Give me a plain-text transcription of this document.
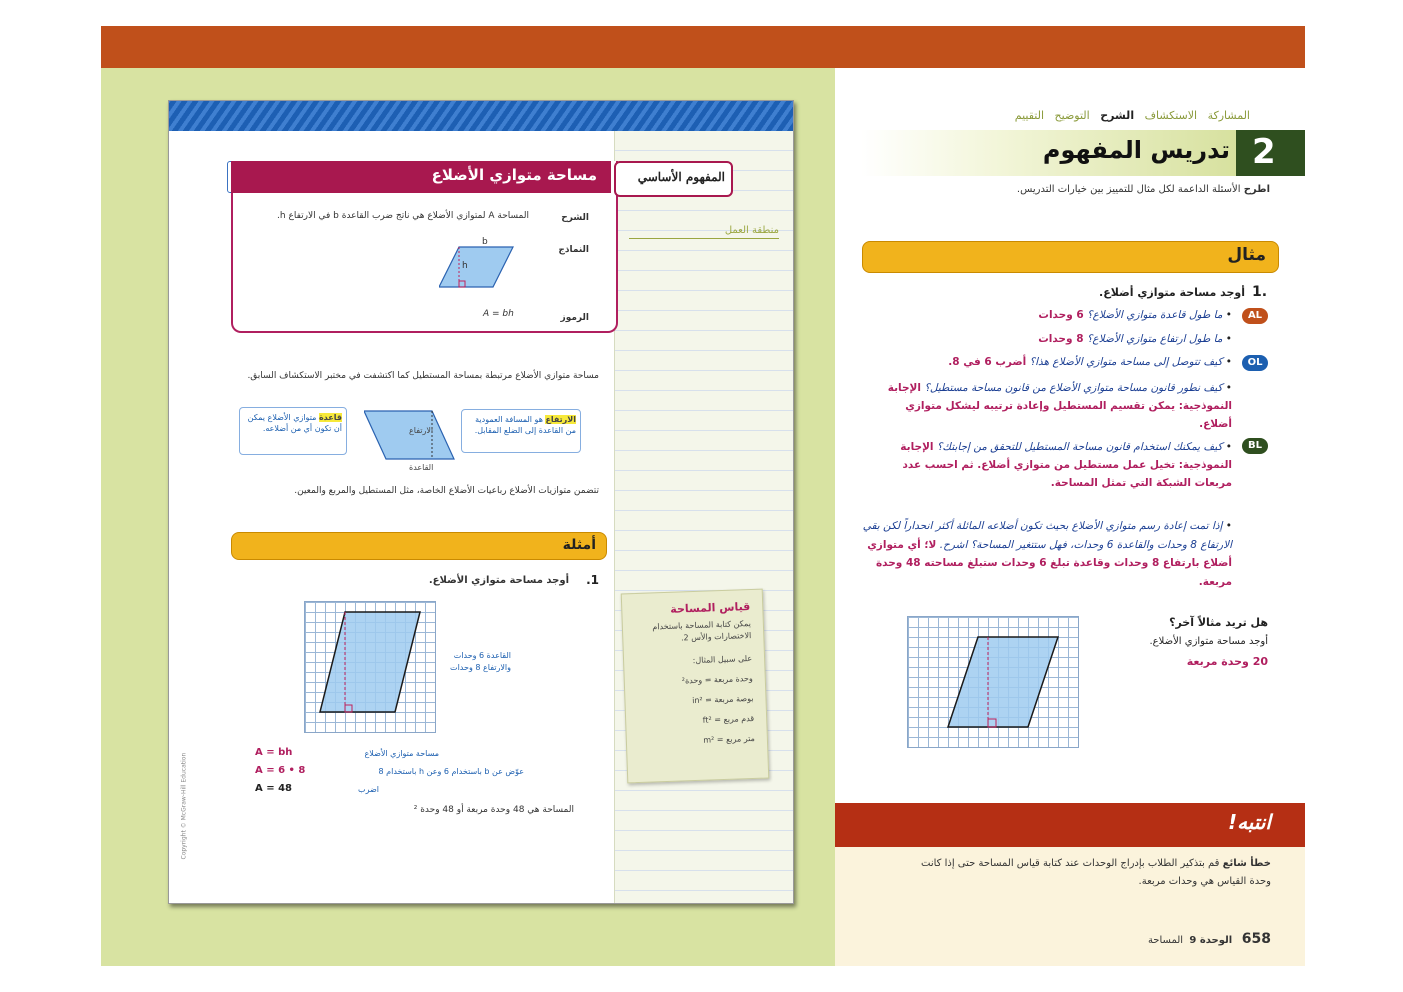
مساحة متوازي الأضلاع	المفهوم الأساسي
منطقة العمل
الشرح
المساحة A لمتوازي الأضلاع هي ناتج ضرب القاعدة b في الارتفاع h.
النماذج
b
h
الرموز
A = bh
مساحة متوازي الأضلاع مرتبطة بمساحة المستطيل كما اكتشفت في مختبر الاستكشاف السابق.
الارتفاع هو المسافة العمودية من القاعدة إلى الضلع المقابل.
الارتفاع
القاعدة
قاعدة متوازي الأضلاع يمكن أن تكون أي من أضلاعه.
تتضمن متوازيات الأضلاع رباعيات الأضلاع الخاصة، مثل المستطيل والمربع والمعين.
أمثلة
1.
أوجد مساحة متوازي الأضلاع.
القاعدة 6 وحدات
والارتفاع 8 وحدات
A = bh	مساحة متوازي الأضلاع
A = 6 • 8	عوّض عن b باستخدام 6 وعن h باستخدام 8
A = 48	اضرب
المساحة هي 48 وحدة مربعة أو 48 وحدة ²
قياس المساحة
يمكن كتابة المساحة باستخدام الاختصارات والأس 2.
على سبيل المثال:
وحدة مربعة = وحدة²
بوصة مربعة = in²
قدم مربع = ft²
متر مربع = m²
Copyright © McGraw-Hill Education
المشاركة   الاستكشاف   الشرح   التوضيح   التقييم
2
تدريس المفهوم
اطرح الأسئلة الداعمة لكل مثال للتمييز بين خيارات التدريس.
مثال
1.
أوجد مساحة متوازي أضلاع.
AL
• ما طول قاعدة متوازي الأضلاع؟ 6 وحدات
• ما طول ارتفاع متوازي الأضلاع؟ 8 وحدات
OL
• كيف تتوصل إلى مساحة متوازي الأضلاع هذا؟ أضرب 6 في 8.
• كيف نطور قانون مساحة متوازي الأضلاع من قانون مساحة مستطيل؟ الإجابة النموذجية: يمكن تقسيم المستطيل وإعادة ترتيبه ليشكل متوازي أضلاع.
BL
• كيف يمكنك استخدام قانون مساحة المستطيل للتحقق من إجابتك؟ الإجابة النموذجية: تخيل عمل مستطيل من متوازي أضلاع. ثم احسب عدد مربعات الشبكة التي تمثل المساحة.
• إذا تمت إعادة رسم متوازي الأضلاع بحيث تكون أضلاعه المائلة أكثر انحداراً لكن بقي الارتفاع 8 وحدات والقاعدة 6 وحدات، فهل ستتغير المساحة؟ اشرح. لا؛ أي متوازي أضلاع بارتفاع 8 وحدات وقاعدة تبلغ 6 وحدات ستبلغ مساحته 48 وحدة مربعة.
هل تريد مثالاً آخر؟
أوجد مساحة متوازي الأضلاع.
20 وحدة مربعة
انتبه!
خطأ شائع قم بتذكير الطلاب بإدراج الوحدات عند كتابة قياس المساحة حتى إذا كانت وحدة القياس هي وحدات مربعة.
658   الوحدة 9  المساحة
